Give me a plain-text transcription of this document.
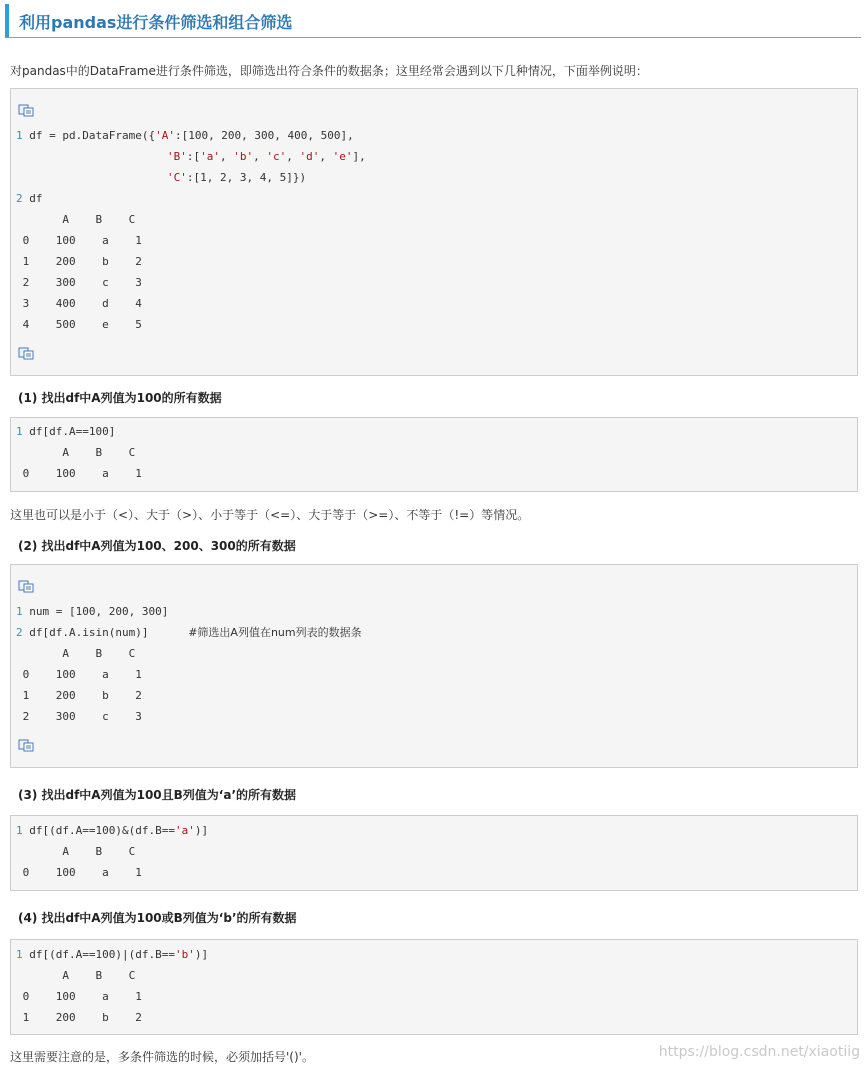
利用pandas进行条件筛选和组合筛选
对pandas中的DataFrame进行条件筛选，即筛选出符合条件的数据条；这里经常会遇到以下几种情况，下面举例说明：
1 df = pd.DataFrame({'A':[100, 200, 300, 400, 500],
'B':['a', 'b', 'c', 'd', 'e'],
'C':[1, 2, 3, 4, 5]})
2 df
A    B    C
0    100    a    1
1    200    b    2
2    300    c    3
3    400    d    4
4    500    e    5
(1) 找出df中A列值为100的所有数据
1 df[df.A==100]
A    B    C
0    100    a    1
这里也可以是小于（<）、大于（>）、小于等于（<=）、大于等于（>=）、不等于（!=）等情况。
(2) 找出df中A列值为100、200、300的所有数据
1 num = [100, 200, 300]
2 df[df.A.isin(num)]      #筛选出A列值在num列表的数据条
A    B    C
0    100    a    1
1    200    b    2
2    300    c    3
(3) 找出df中A列值为100且B列值为‘a’的所有数据
1 df[(df.A==100)&(df.B=='a')]
A    B    C
0    100    a    1
(4) 找出df中A列值为100或B列值为‘b’的所有数据
1 df[(df.A==100)|(df.B=='b')]
A    B    C
0    100    a    1
1    200    b    2
这里需要注意的是，多条件筛选的时候，必须加括号'()'。	https://blog.csdn.net/xiaotiig
